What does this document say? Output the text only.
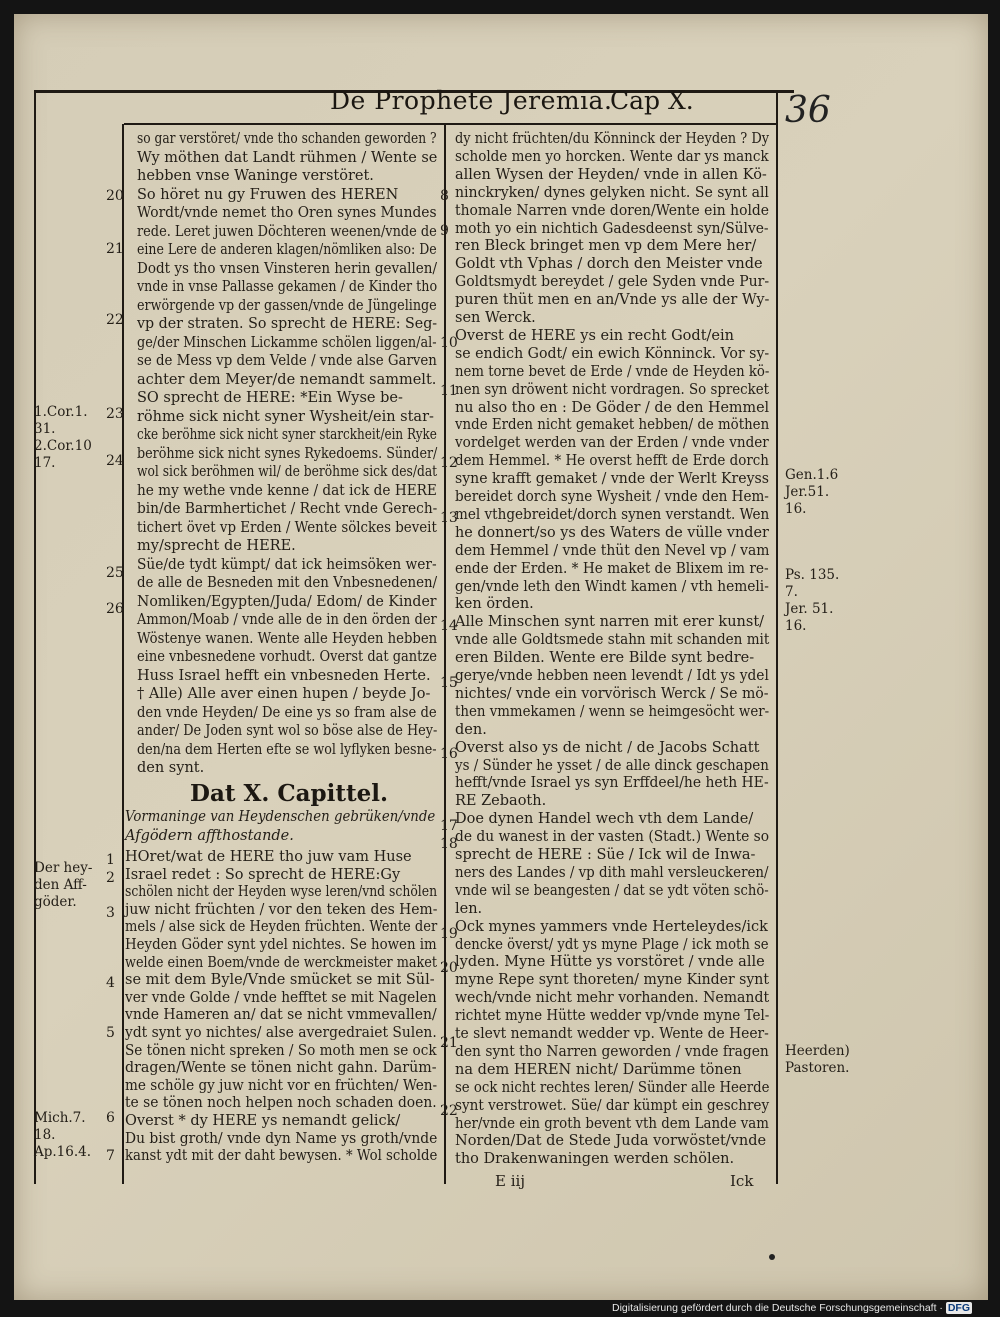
De Prophete Jeremia.
Cap X.	36
so gar verstöret/ vnde tho schanden geworden ?
Wy möthen dat Landt rühmen / Wente se
hebben vnse Waninge verstöret.
So höret nu gy Fruwen des HEREN
Wordt/vnde nemet tho Oren synes Mundes
rede. Leret juwen Döchteren weenen/vnde de
eine Lere de anderen klagen/nömliken also: De
Dodt ys tho vnsen Vinsteren herin gevallen/
vnde in vnse Pallasse gekamen / de Kinder tho
erwörgende vp der gassen/vnde de Jüngelinge
vp der straten. So sprecht de HERE: Seg-
ge/der Minschen Lickamme schölen liggen/al-
se de Mess vp dem Velde / vnde alse Garven
achter dem Meyer/de nemandt sammelt.
SO sprecht de HERE: *Ein Wyse be-
röhme sick nicht syner Wysheit/ein star-
cke beröhme sick nicht syner starckheit/ein Ryke
beröhme sick nicht synes Rykedoems. Sünder/
wol sick beröhmen wil/ de beröhme sick des/dat
he my wethe vnde kenne / dat ick de HERE
bin/de Barmhertichet / Recht vnde Gerech-
tichert övet vp Erden / Wente sölckes beveit
my/sprecht de HERE.
Süe/de tydt kümpt/ dat ick heimsöken wer-
de alle de Besneden mit den Vnbesnedenen/
Nomliken/Egypten/Juda/ Edom/ de Kinder
Ammon/Moab / vnde alle de in den örden der
Wöstenye wanen. Wente alle Heyden hebben
eine vnbesnedene vorhudt. Overst dat gantze
Huss Israel hefft ein vnbesneden Herte.
† Alle) Alle aver einen hupen / beyde Jo-
den vnde Heyden/ De eine ys so fram alse de
ander/ De Joden synt wol so böse alse de Hey-
den/na dem Herten efte se wol lyflyken besne-
den synt.
Dat X. Capittel.
Vormaninge van Heydenschen gebrüken/vnde
Afgödern affthostande.
HOret/wat de HERE tho juw vam Huse
Israel redet : So sprecht de HERE:Gy
schölen nicht der Heyden wyse leren/vnd schölen
juw nicht früchten / vor den teken des Hem-
mels / alse sick de Heyden früchten. Wente der
Heyden Göder synt ydel nichtes. Se howen im
welde einen Boem/vnde de werckmeister maket
se mit dem Byle/Vnde smücket se mit Sül-
ver vnde Golde / vnde hefftet se mit Nagelen
vnde Hameren an/ dat se nicht vmmevallen/
ydt synt yo nichtes/ alse avergedraiet Sulen.
Se tönen nicht spreken / So moth men se ock
dragen/Wente se tönen nicht gahn. Darüm-
me schöle gy juw nicht vor en früchten/ Wen-
te se tönen noch helpen noch schaden doen.
Overst * dy HERE ys nemandt gelick/
Du bist groth/ vnde dyn Name ys groth/vnde
kanst ydt mit der daht bewysen. * Wol scholde
dy nicht früchten/du Könninck der Heyden ? Dy
scholde men yo horcken. Wente dar ys manck
allen Wysen der Heyden/ vnde in allen Kö-
ninckryken/ dynes gelyken nicht. Se synt all
thomale Narren vnde doren/Wente ein holde
moth yo ein nichtich Gadesdeenst syn/Sülve-
ren Bleck bringet men vp dem Mere her/
Goldt vth Vphas / dorch den Meister vnde
Goldtsmydt bereydet / gele Syden vnde Pur-
puren thüt men en an/Vnde ys alle der Wy-
sen Werck.
Overst de HERE ys ein recht Godt/ein
se endich Godt/ ein ewich Könninck. Vor sy-
nem torne bevet de Erde / vnde de Heyden kö-
nen syn dröwent nicht vordragen. So sprecket
nu also tho en : De Göder / de den Hemmel
vnde Erden nicht gemaket hebben/ de möthen
vordelget werden van der Erden / vnde vnder
dem Hemmel. * He overst hefft de Erde dorch
syne krafft gemaket / vnde der Werlt Kreyss
bereidet dorch syne Wysheit / vnde den Hem-
mel vthgebreidet/dorch synen verstandt. Wen
he donnert/so ys des Waters de vülle vnder
dem Hemmel / vnde thüt den Nevel vp / vam
ende der Erden. * He maket de Blixem im re-
gen/vnde leth den Windt kamen / vth hemeli-
ken örden.
Alle Minschen synt narren mit erer kunst/
vnde alle Goldtsmede stahn mit schanden mit
eren Bilden. Wente ere Bilde synt bedre-
gerye/vnde hebben neen levendt / Idt ys ydel
nichtes/ vnde ein vorvörisch Werck / Se mö-
then vmmekamen / wenn se heimgesöcht wer-
den.
Overst also ys de nicht / de Jacobs Schatt
ys / Sünder he ysset / de alle dinck geschapen
hefft/vnde Israel ys syn Erffdeel/he heth HE-
RE Zebaoth.
Doe dynen Handel wech vth dem Lande/
de du wanest in der vasten (Stadt.) Wente so
sprecht de HERE : Süe / Ick wil de Inwa-
ners des Landes / vp dith mahl versleuckeren/
vnde wil se beangesten / dat se ydt vöten schö-
len.
Ock mynes yammers vnde Herteleydes/ick
dencke överst/ ydt ys myne Plage / ick moth se
lyden. Myne Hütte ys vorstöret / vnde alle
myne Repe synt thoreten/ myne Kinder synt
wech/vnde nicht mehr vorhanden. Nemandt
richtet myne Hütte wedder vp/vnde myne Tel-
te slevt nemandt wedder vp. Wente de Heer-
den synt tho Narren geworden / vnde fragen
na dem HEREN nicht/ Darümme tönen
se ock nicht rechtes leren/ Sünder alle Heerde
synt verstrowet. Süe/ dar kümpt ein geschrey
her/vnde ein groth bevent vth dem Lande vam
Norden/Dat de Stede Juda vorwöstet/vnde
tho Drakenwaningen werden schölen.
1.Cor.1.
31.
2.Cor.10
17.
Der hey-
den Aff-
göder.
Mich.7.
18.
Ap.16.4.
Gen.1.6
Jer.51.
16.
Ps. 135.
7.
Jer. 51.
16.
Heerden)
Pastoren.
E iij	Ick
Digitalisierung gefördert durch die Deutsche Forschungsgemeinschaft · DFG
20
21
22
23
24
25
26
1
2
3
4
5
6
7
8
9
10
11
12
13
14
15
16
17
18
19
20
21
22
